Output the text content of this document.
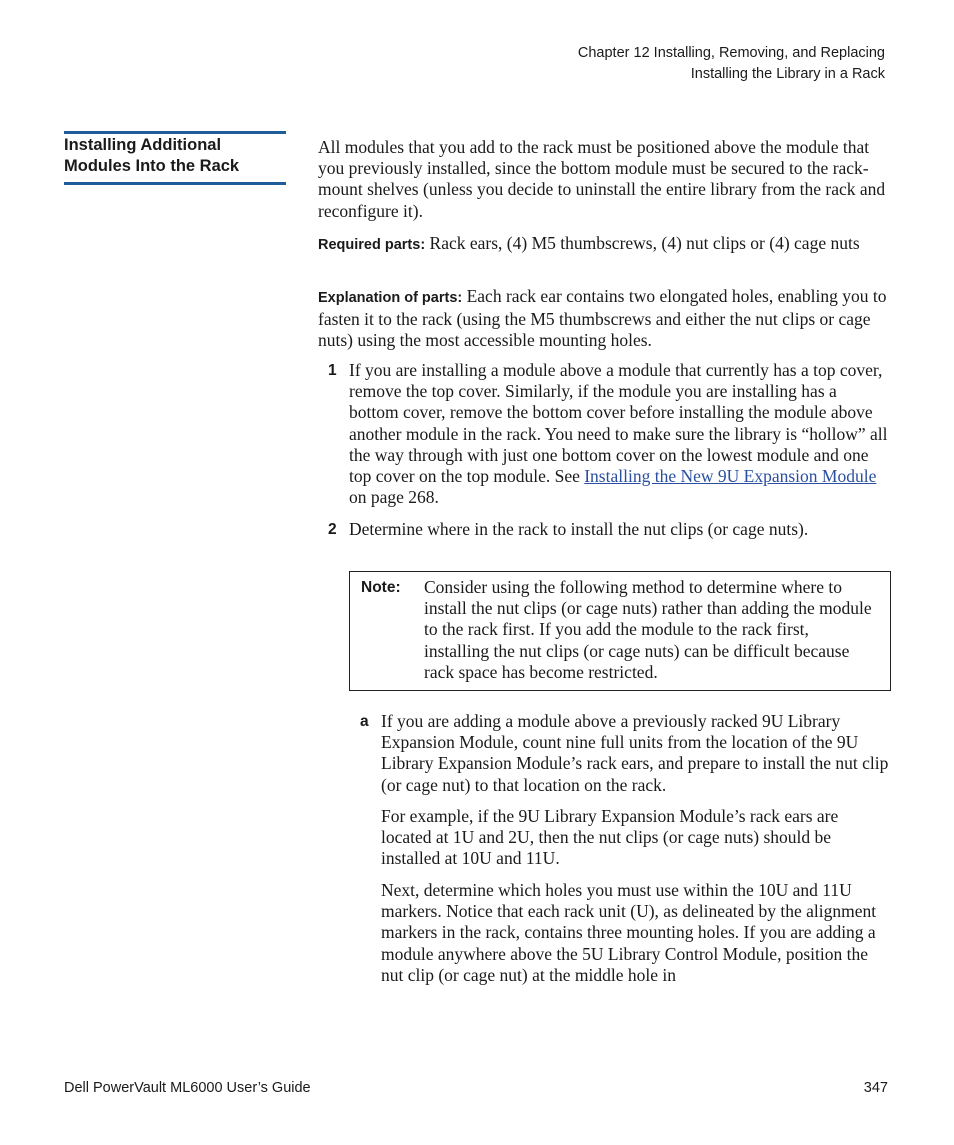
Chapter 12 Installing, Removing, and Replacing
Installing the Library in a Rack
Installing Additional
Modules Into the Rack

All modules that you add to the rack must be positioned above the module that you previously installed, since the bottom module must be secured to the rack-mount shelves (unless you decide to uninstall the entire library from the rack and reconfigure it).

Required parts: Rack ears, (4) M5 thumbscrews, (4) nut clips or (4) cage nuts

Explanation of parts: Each rack ear contains two elongated holes, enabling you to fasten it to the rack (using the M5 thumbscrews and either the nut clips or cage nuts) using the most accessible mounting holes.

1 If you are installing a module above a module that currently has a top cover, remove the top cover. Similarly, if the module you are installing has a bottom cover, remove the bottom cover before installing the module above another module in the rack. You need to make sure the library is “hollow” all the way through with just one bottom cover on the lowest module and one top cover on the top module. See Installing the New 9U Expansion Module on page 268.
2 Determine where in the rack to install the nut clips (or cage nuts).
Note: Consider using the following method to determine where to install the nut clips (or cage nuts) rather than adding the module to the rack first. If you add the module to the rack first, installing the nut clips (or cage nuts) can be difficult because rack space has become restricted.
a If you are adding a module above a previously racked 9U Library Expansion Module, count nine full units from the location of the 9U Library Expansion Module’s rack ears, and prepare to install the nut clip (or cage nut) to that location on the rack.

For example, if the 9U Library Expansion Module’s rack ears are located at 1U and 2U, then the nut clips (or cage nuts) should be installed at 10U and 11U.

Next, determine which holes you must use within the 10U and 11U markers. Notice that each rack unit (U), as delineated by the alignment markers in the rack, contains three mounting holes. If you are adding a module anywhere above the 5U Library Control Module, position the nut clip (or cage nut) at the middle hole in

Dell PowerVault ML6000 User’s Guide	347
